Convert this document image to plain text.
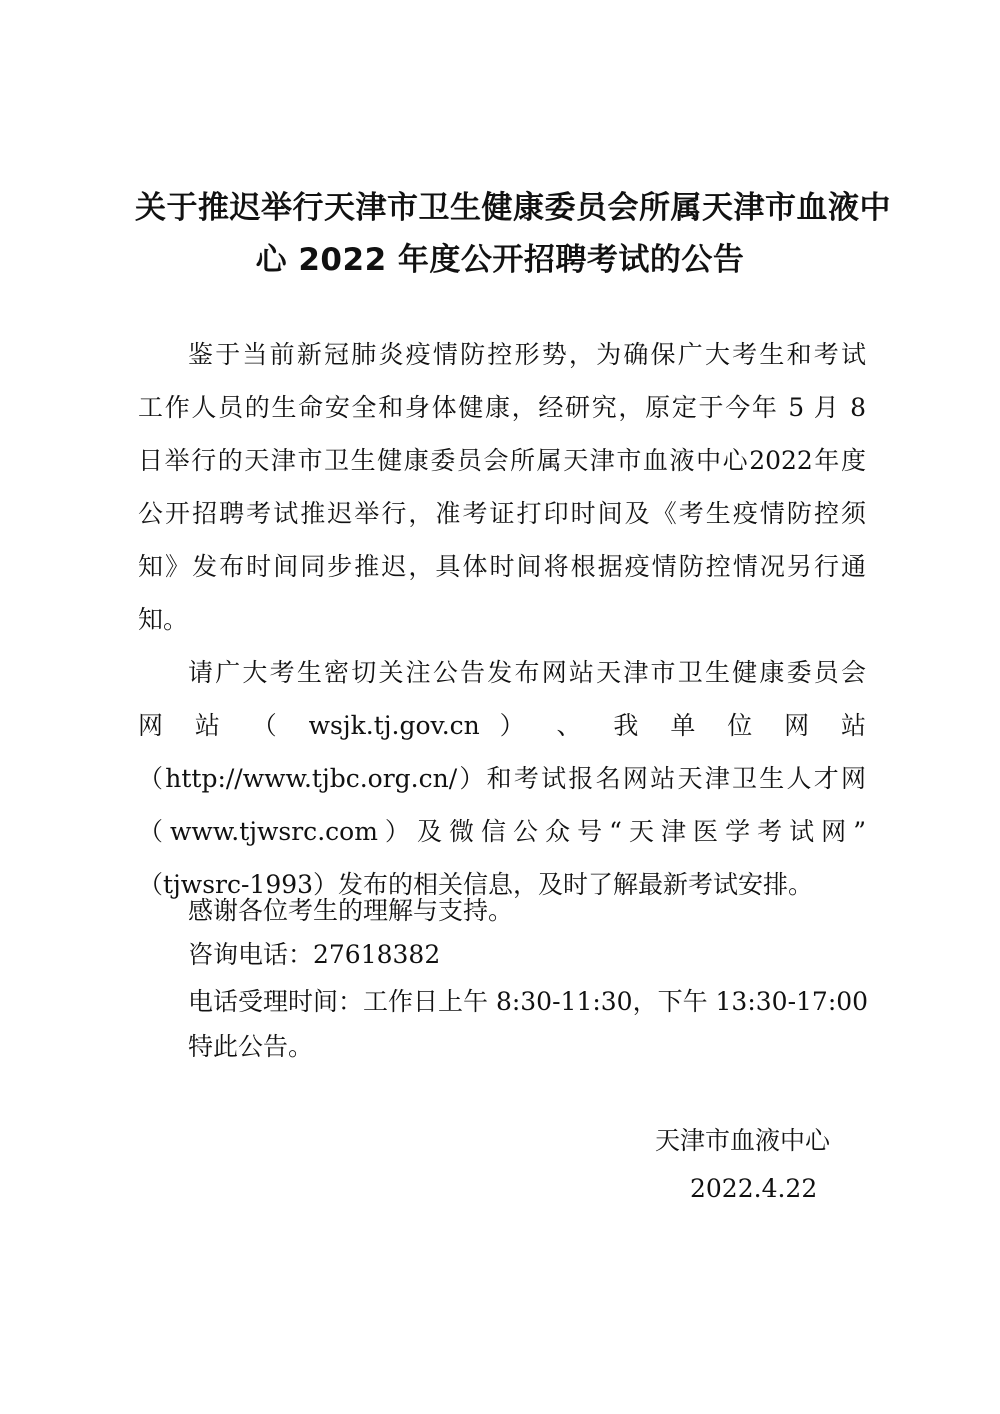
关于推迟举行天津市卫生健康委员会所属天津市血液中
心 2022 年度公开招聘考试的公告
鉴于当前新冠肺炎疫情防控形势，为确保广大考生和考试
工作人员的生命安全和身体健康，经研究，原定于今年 5 月 8
日举行的天津市卫生健康委员会所属天津市血液中心2022年度
公开招聘考试推迟举行，准考证打印时间及《考生疫情防控须
知》发布时间同步推迟，具体时间将根据疫情防控情况另行通
知。
请广大考生密切关注公告发布网站天津市卫生健康委员会
网 站 （ wsjk.tj.gov.cn ） 、 我 单 位 网 站
（http://www.tjbc.org.cn/）和考试报名网站天津卫生人才网
（www.tjwsrc.com）及微信公众号“天津医学考试网”
（tjwsrc-1993）发布的相关信息，及时了解最新考试安排。
感谢各位考生的理解与支持。
咨询电话：27618382
电话受理时间：工作日上午 8:30-11:30，下午 13:30-17:00
特此公告。
天津市血液中心
2022.4.22
